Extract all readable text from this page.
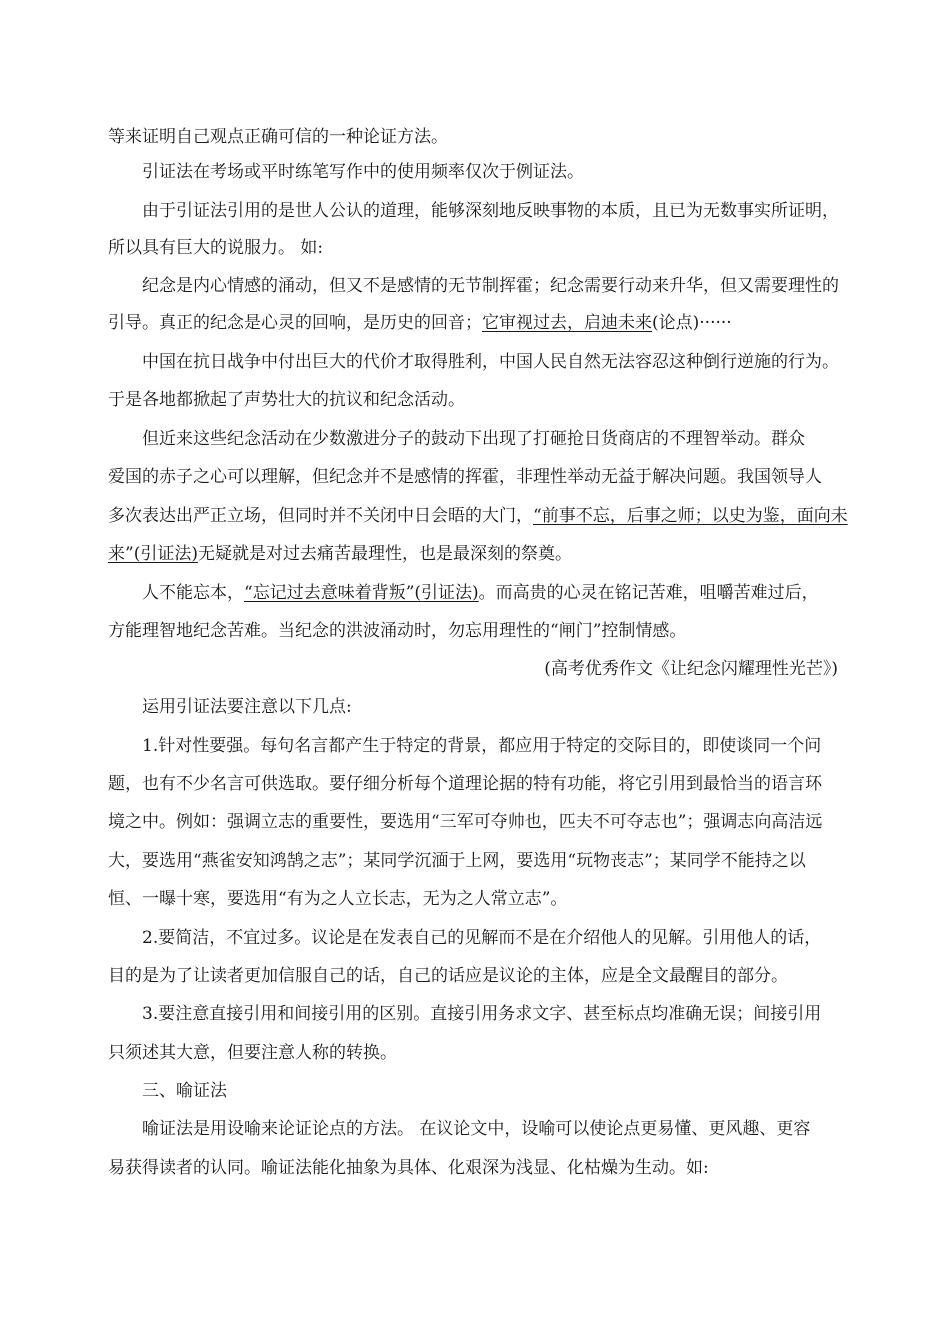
等来证明自己观点正确可信的一种论证方法。
引证法在考场或平时练笔写作中的使用频率仅次于例证法。
由于引证法引用的是世人公认的道理，能够深刻地反映事物的本质，且已为无数事实所证明，
所以具有巨大的说服力。 如:
纪念是内心情感的涌动，但又不是感情的无节制挥霍；纪念需要行动来升华，但又需要理性的
引导。真正的纪念是心灵的回响，是历史的回音；它审视过去，启迪未来(论点)······
中国在抗日战争中付出巨大的代价才取得胜利，中国人民自然无法容忍这种倒行逆施的行为。
于是各地都掀起了声势壮大的抗议和纪念活动。
但近来这些纪念活动在少数激进分子的鼓动下出现了打砸抢日货商店的不理智举动。群众
爱国的赤子之心可以理解，但纪念并不是感情的挥霍，非理性举动无益于解决问题。我国领导人
多次表达出严正立场，但同时并不关闭中日会晤的大门，“前事不忘，后事之师；以史为鉴，面向未
来”(引证法)无疑就是对过去痛苦最理性，也是最深刻的祭奠。
人不能忘本，“忘记过去意味着背叛”(引证法)。而高贵的心灵在铭记苦难，咀嚼苦难过后，
方能理智地纪念苦难。当纪念的洪波涌动时，勿忘用理性的“闸门”控制情感。
(高考优秀作文《让纪念闪耀理性光芒》)
运用引证法要注意以下几点:
1.针对性要强。每句名言都产生于特定的背景，都应用于特定的交际目的，即使谈同一个问
题，也有不少名言可供选取。要仔细分析每个道理论据的特有功能，将它引用到最恰当的语言环
境之中。例如：强调立志的重要性，要选用“三军可夺帅也，匹夫不可夺志也”；强调志向高洁远
大，要选用“燕雀安知鸿鹄之志”；某同学沉湎于上网，要选用“玩物丧志”；某同学不能持之以
恒、一曝十寒，要选用“有为之人立长志，无为之人常立志”。
2.要简洁，不宜过多。议论是在发表自己的见解而不是在介绍他人的见解。引用他人的话，
目的是为了让读者更加信服自己的话，自己的话应是议论的主体，应是全文最醒目的部分。
3.要注意直接引用和间接引用的区别。直接引用务求文字、甚至标点均准确无误；间接引用
只须述其大意，但要注意人称的转换。
三、喻证法
喻证法是用设喻来论证论点的方法。 在议论文中，设喻可以使论点更易懂、更风趣、更容
易获得读者的认同。喻证法能化抽象为具体、化艰深为浅显、化枯燥为生动。如:
